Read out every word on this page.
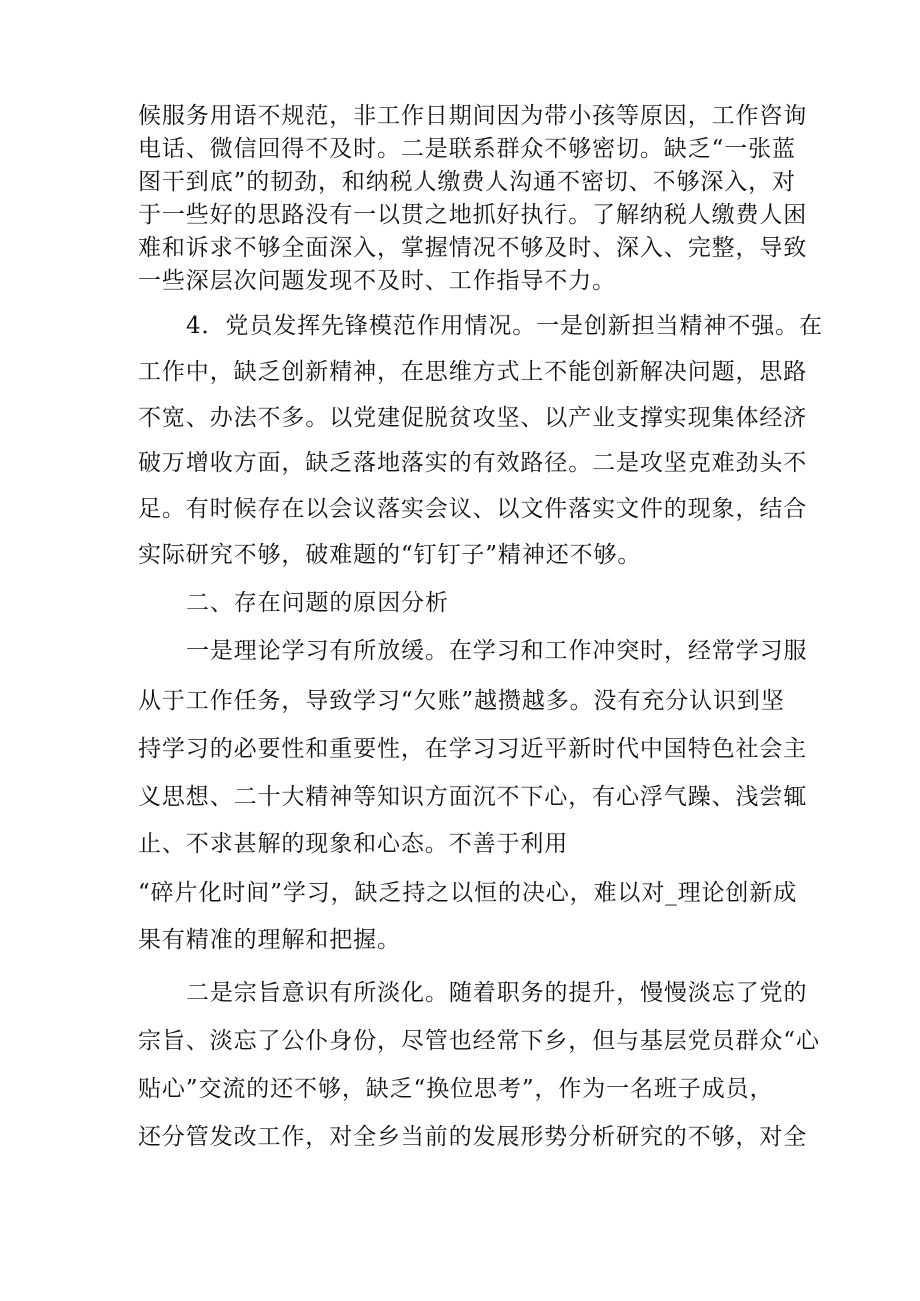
候服务用语不规范，非工作日期间因为带小孩等原因，工作咨询
电话、微信回得不及时。二是联系群众不够密切。缺乏“一张蓝
图干到底”的韧劲，和纳税人缴费人沟通不密切、不够深入，对
于一些好的思路没有一以贯之地抓好执行。了解纳税人缴费人困
难和诉求不够全面深入，掌握情况不够及时、深入、完整，导致
一些深层次问题发现不及时、工作指导不力。
4．党员发挥先锋模范作用情况。一是创新担当精神不强。在
工作中，缺乏创新精神，在思维方式上不能创新解决问题，思路
不宽、办法不多。以党建促脱贫攻坚、以产业支撑实现集体经济
破万增收方面，缺乏落地落实的有效路径。二是攻坚克难劲头不
足。有时候存在以会议落实会议、以文件落实文件的现象，结合
实际研究不够，破难题的“钉钉子”精神还不够。
二、存在问题的原因分析
一是理论学习有所放缓。在学习和工作冲突时，经常学习服
从于工作任务，导致学习“欠账”越攒越多。没有充分认识到坚
持学习的必要性和重要性，在学习习近平新时代中国特色社会主
义思想、二十大精神等知识方面沉不下心，有心浮气躁、浅尝辄
止、不求甚解的现象和心态。不善于利用
“碎片化时间”学习，缺乏持之以恒的决心，难以对_理论创新成
果有精准的理解和把握。
二是宗旨意识有所淡化。随着职务的提升，慢慢淡忘了党的
宗旨、淡忘了公仆身份，尽管也经常下乡，但与基层党员群众“心
贴心”交流的还不够，缺乏“换位思考”，作为一名班子成员，
还分管发改工作，对全乡当前的发展形势分析研究的不够，对全
